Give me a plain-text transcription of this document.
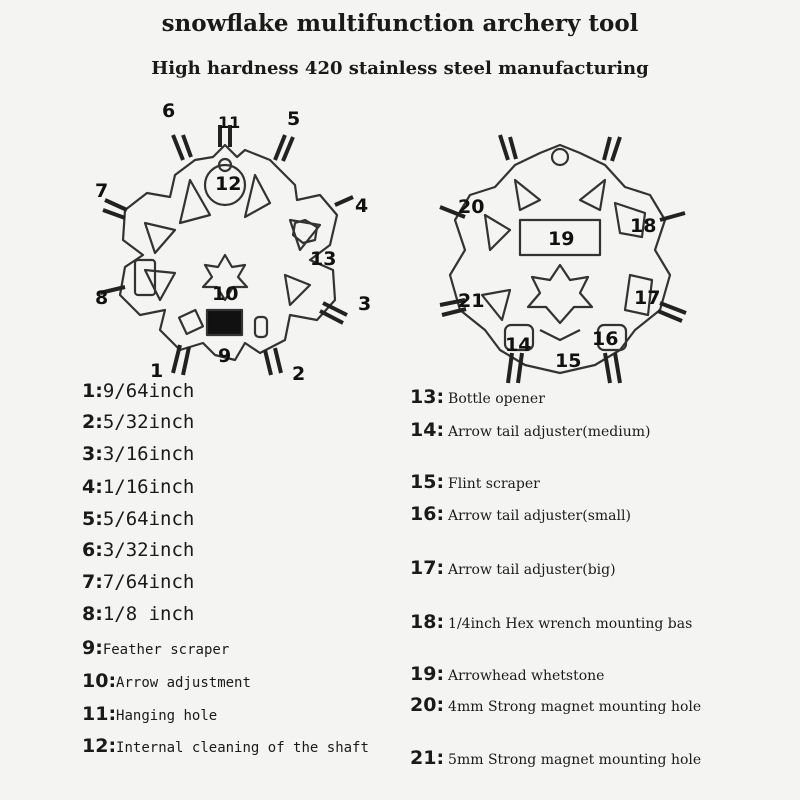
snowflake multifunction archery tool
High hardness 420 stainless steel manufacturing
6
11 5
7	12
4
13
8	10	3
1
9
2
20
19
18
21	17
14	16
15
1:9/64inch
2:5/32inch
3:3/16inch
4:1/16inch
5:5/64inch
6:3/32inch
7:7/64inch
8:1/8 inch
9:Feather scraper
10:Arrow adjustment
11:Hanging hole
12:Internal cleaning of the shaft
13: Bottle opener
14: Arrow tail adjuster(medium)
15: Flint scraper
16: Arrow tail adjuster(small)
17: Arrow tail adjuster(big)
18: 1/4inch Hex wrench mounting bas
19: Arrowhead whetstone
20: 4mm Strong magnet mounting hole
21: 5mm Strong magnet mounting hole
